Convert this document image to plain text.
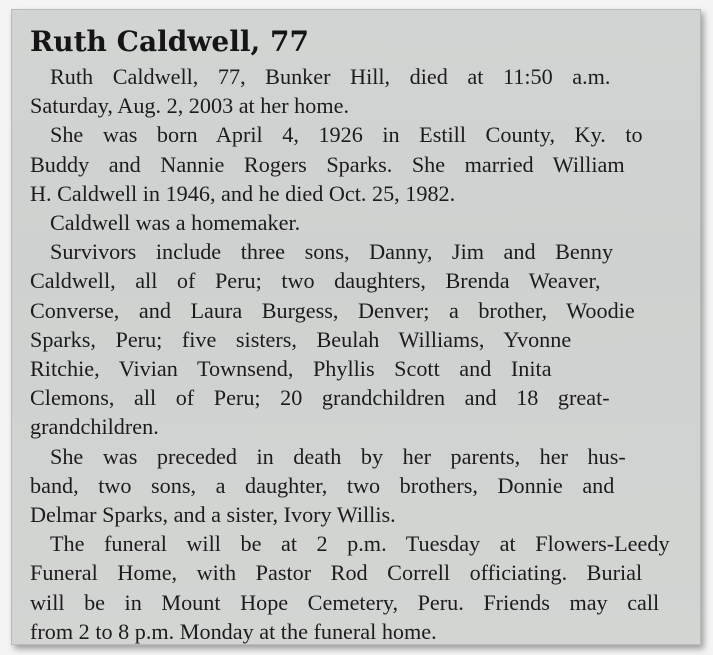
Ruth Caldwell, 77
Ruth Caldwell, 77, Bunker Hill, died at 11:50 a.m.
Saturday, Aug. 2, 2003 at her home.
She was born April 4, 1926 in Estill County, Ky. to
Buddy and Nannie Rogers Sparks. She married William
H. Caldwell in 1946, and he died Oct. 25, 1982.
Caldwell was a homemaker.
Survivors include three sons, Danny, Jim and Benny
Caldwell, all of Peru; two daughters, Brenda Weaver,
Converse, and Laura Burgess, Denver; a brother, Woodie
Sparks, Peru; five sisters, Beulah Williams, Yvonne
Ritchie, Vivian Townsend, Phyllis Scott and Inita
Clemons, all of Peru; 20 grandchildren and 18 great-
grandchildren.
She was preceded in death by her parents, her hus-
band, two sons, a daughter, two brothers, Donnie and
Delmar Sparks, and a sister, Ivory Willis.
The funeral will be at 2 p.m. Tuesday at Flowers-Leedy
Funeral Home, with Pastor Rod Correll officiating. Burial
will be in Mount Hope Cemetery, Peru. Friends may call
from 2 to 8 p.m. Monday at the funeral home.
